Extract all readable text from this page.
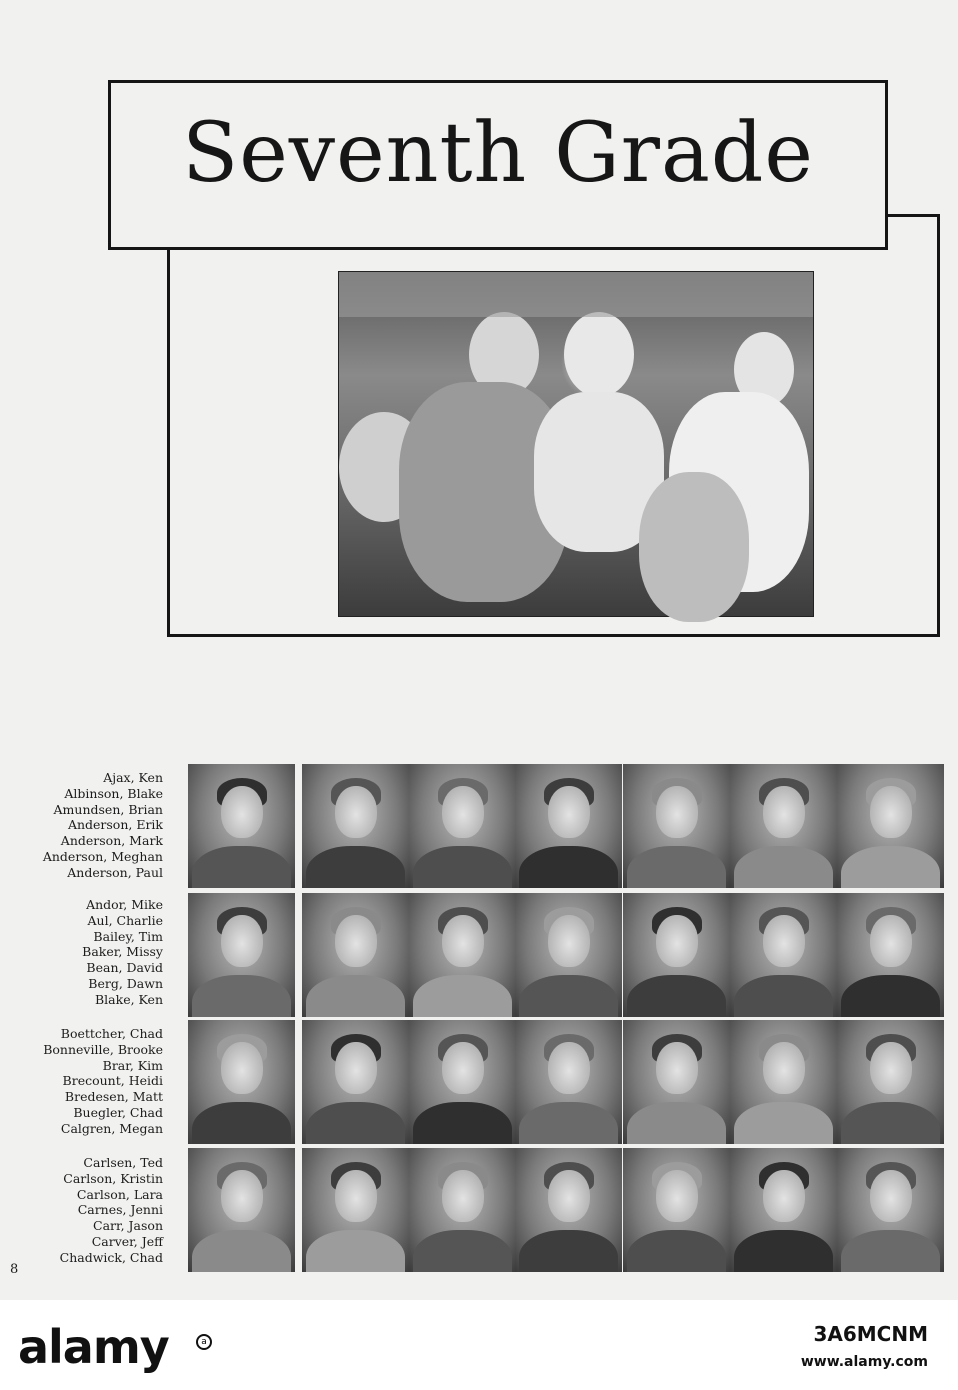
Seventh Grade
Ajax, Ken
Albinson, Blake
Amundsen, Brian
Anderson, Erik
Anderson, Mark
Anderson, Meghan
Anderson, Paul
Andor, Mike
Aul, Charlie
Bailey, Tim
Baker, Missy
Bean, David
Berg, Dawn
Blake, Ken
Boettcher, Chad
Bonneville, Brooke
Brar, Kim
Brecount, Heidi
Bredesen, Matt
Buegler, Chad
Calgren, Megan
Carlsen, Ted
Carlson, Kristin
Carlson, Lara
Carnes, Jenni
Carr, Jason
Carver, Jeff
Chadwick, Chad
8
alamy	a	3A6MCNM
www.alamy.com
